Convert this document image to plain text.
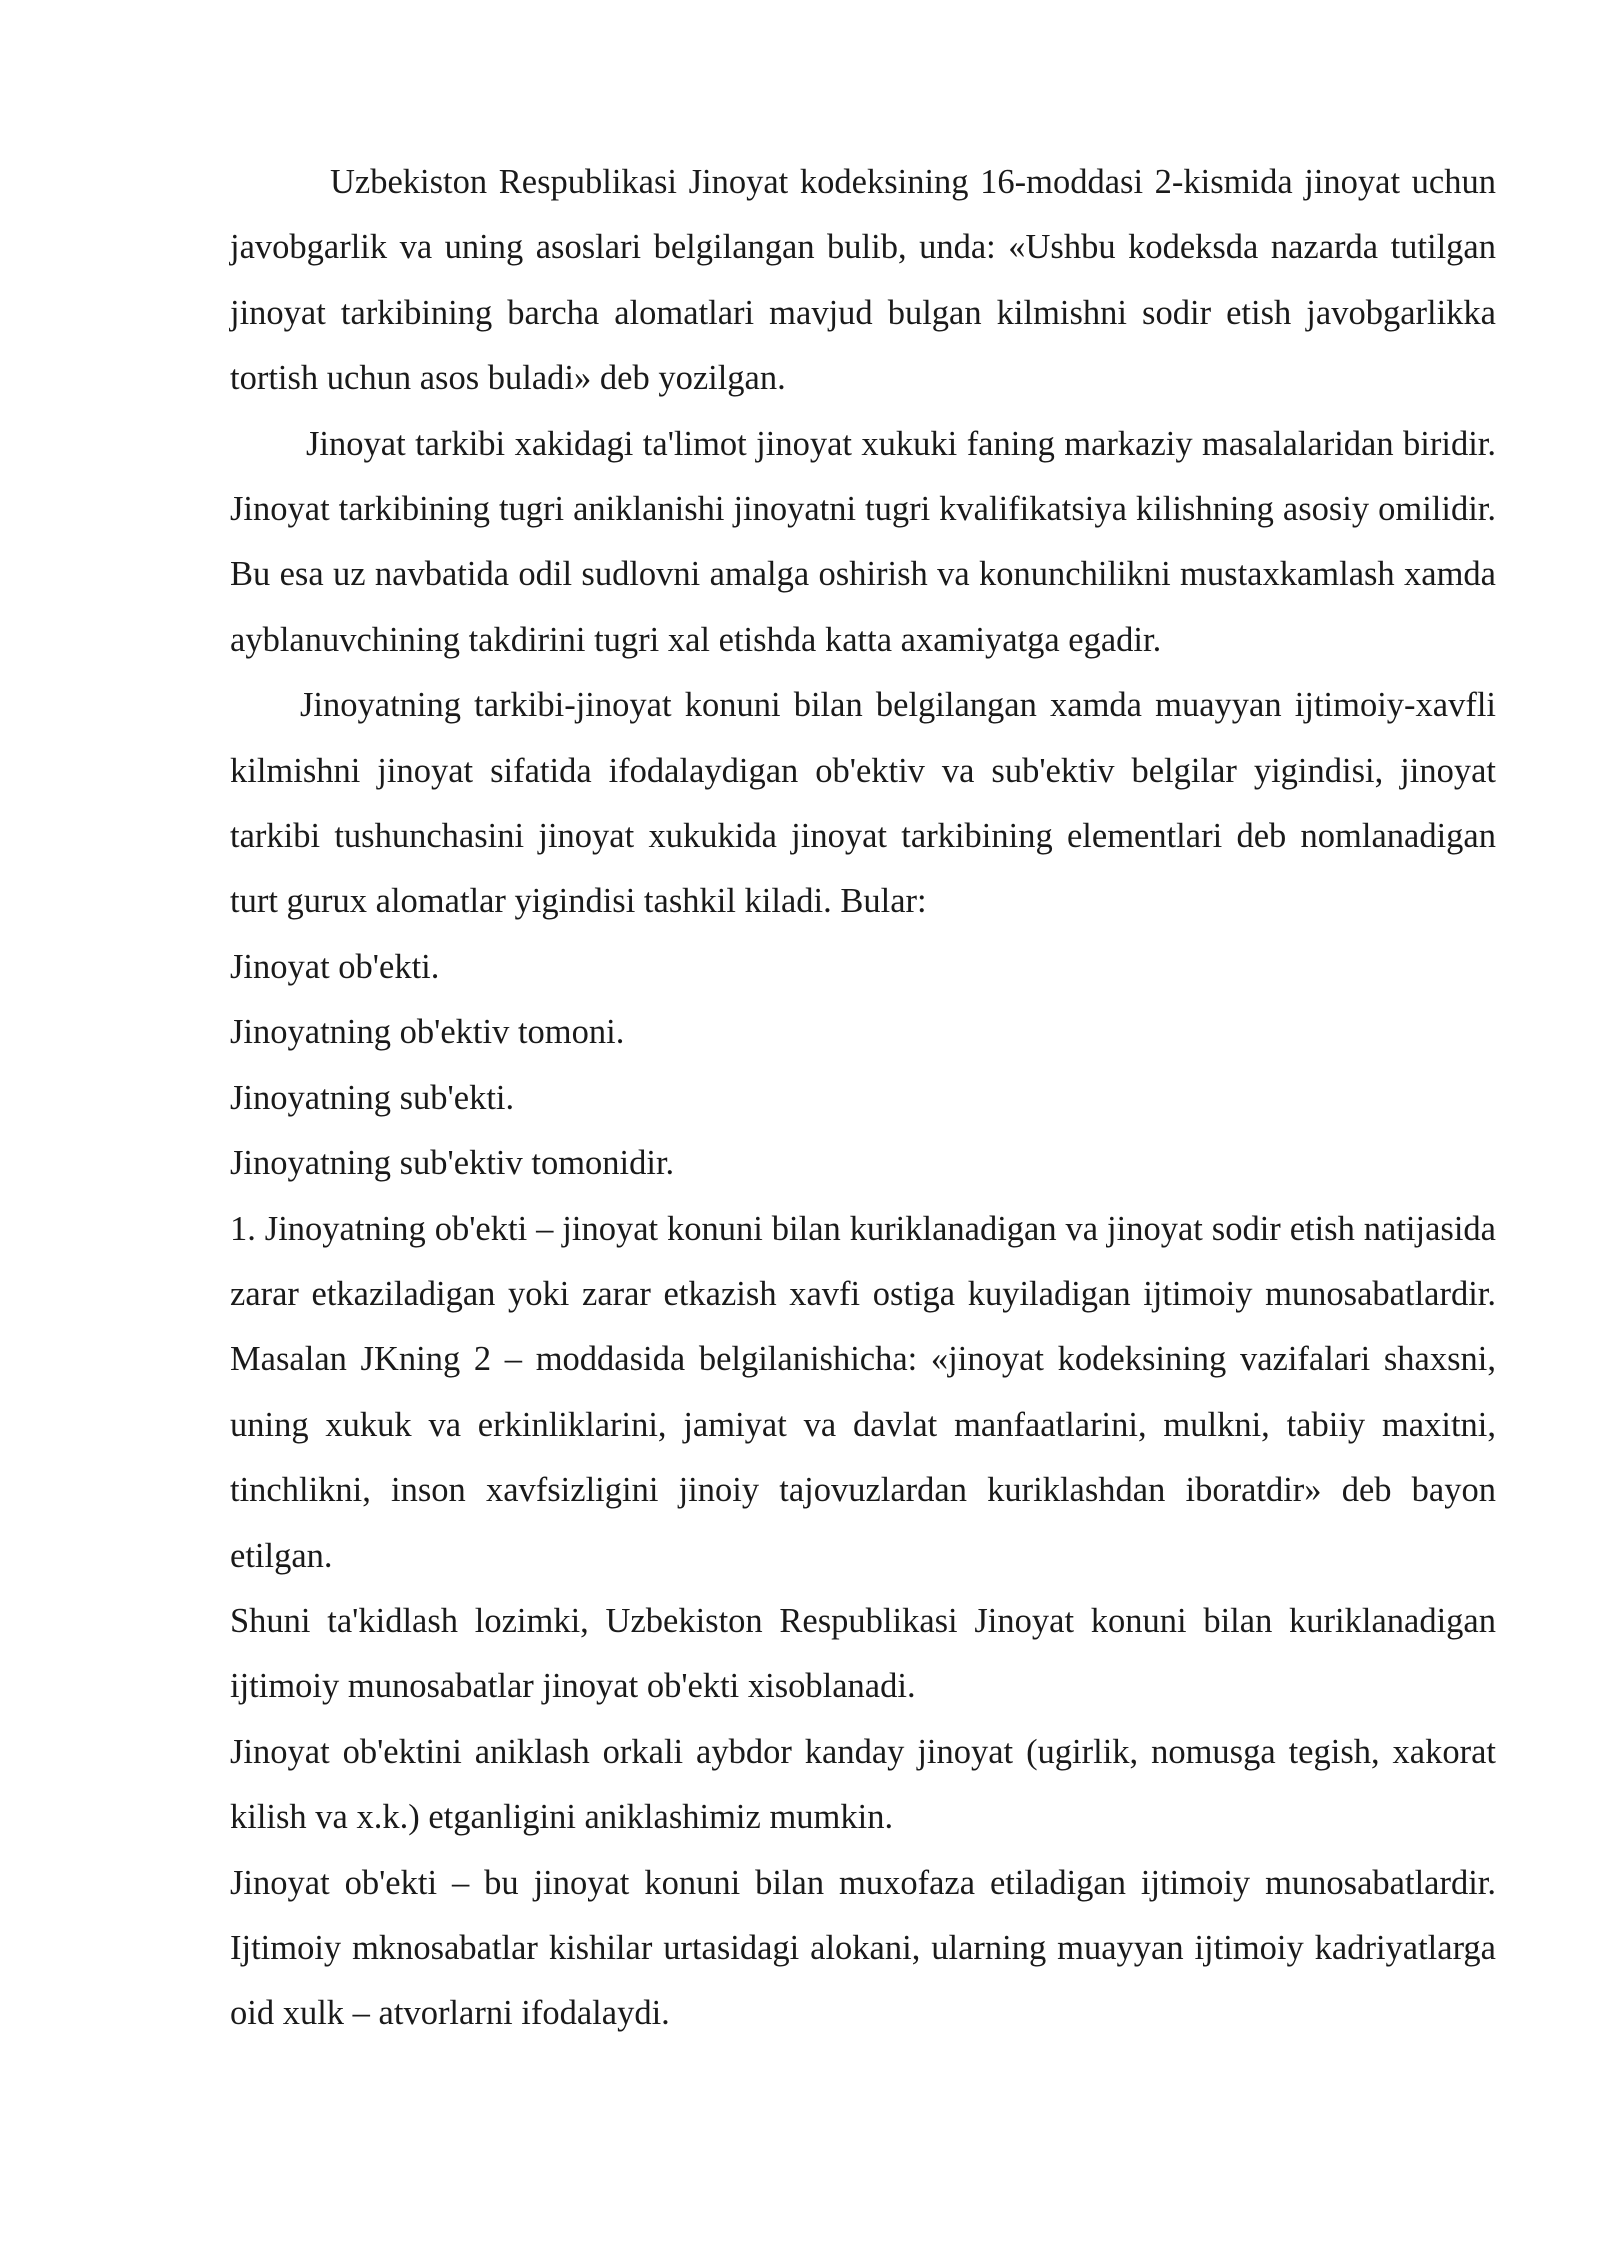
Uzbekiston Respublikasi Jinoyat kodeksining 16-moddasi 2-kismida jinoyat uchun javobgarlik va uning asoslari belgilangan bulib, unda: «Ushbu kodeksda nazarda tutilgan jinoyat tarkibining barcha alomatlari mavjud bulgan kilmishni sodir etish javobgarlikka tortish uchun asos buladi» deb yozilgan.

Jinoyat tarkibi xakidagi ta'limot jinoyat xukuki faning markaziy masalalaridan biridir. Jinoyat tarkibining tugri aniklanishi jinoyatni tugri kvalifikatsiya kilishning asosiy omilidir. Bu esa uz navbatida odil sudlovni amalga oshirish va konunchilikni mustaxkamlash xamda ayblanuvchining takdirini tugri xal etishda katta axamiyatga egadir.

Jinoyatning tarkibi-jinoyat konuni bilan belgilangan xamda muayyan ijtimoiy-xavfli kilmishni jinoyat sifatida ifodalaydigan ob'ektiv va sub'ektiv belgilar yigindisi, jinoyat tarkibi tushunchasini jinoyat xukukida jinoyat tarkibining elementlari deb nomlanadigan turt gurux alomatlar yigindisi tashkil kiladi. Bular:

Jinoyat ob'ekti.

Jinoyatning ob'ektiv tomoni.

Jinoyatning sub'ekti.

Jinoyatning sub'ektiv tomonidir.

1. Jinoyatning ob'ekti – jinoyat konuni bilan kuriklanadigan va jinoyat sodir etish natijasida zarar etkaziladigan yoki zarar etkazish xavfi ostiga kuyiladigan ijtimoiy munosabatlardir. Masalan JKning 2 – moddasida belgilanishicha: «jinoyat kodeksining vazifalari shaxsni, uning xukuk va erkinliklarini, jamiyat va davlat manfaatlarini, mulkni, tabiiy maxitni, tinchlikni, inson xavfsizligini jinoiy tajovuzlardan kuriklashdan iboratdir» deb bayon etilgan.

Shuni ta'kidlash lozimki, Uzbekiston Respublikasi Jinoyat konuni bilan kuriklanadigan ijtimoiy munosabatlar jinoyat ob'ekti xisoblanadi.

Jinoyat ob'ektini aniklash orkali aybdor kanday jinoyat (ugirlik, nomusga tegish, xakorat kilish va x.k.) etganligini aniklashimiz mumkin.

Jinoyat ob'ekti – bu jinoyat konuni bilan muxofaza etiladigan ijtimoiy munosabatlardir. Ijtimoiy mknosabatlar kishilar urtasidagi alokani, ularning muayyan ijtimoiy kadriyatlarga oid xulk – atvorlarni ifodalaydi.
